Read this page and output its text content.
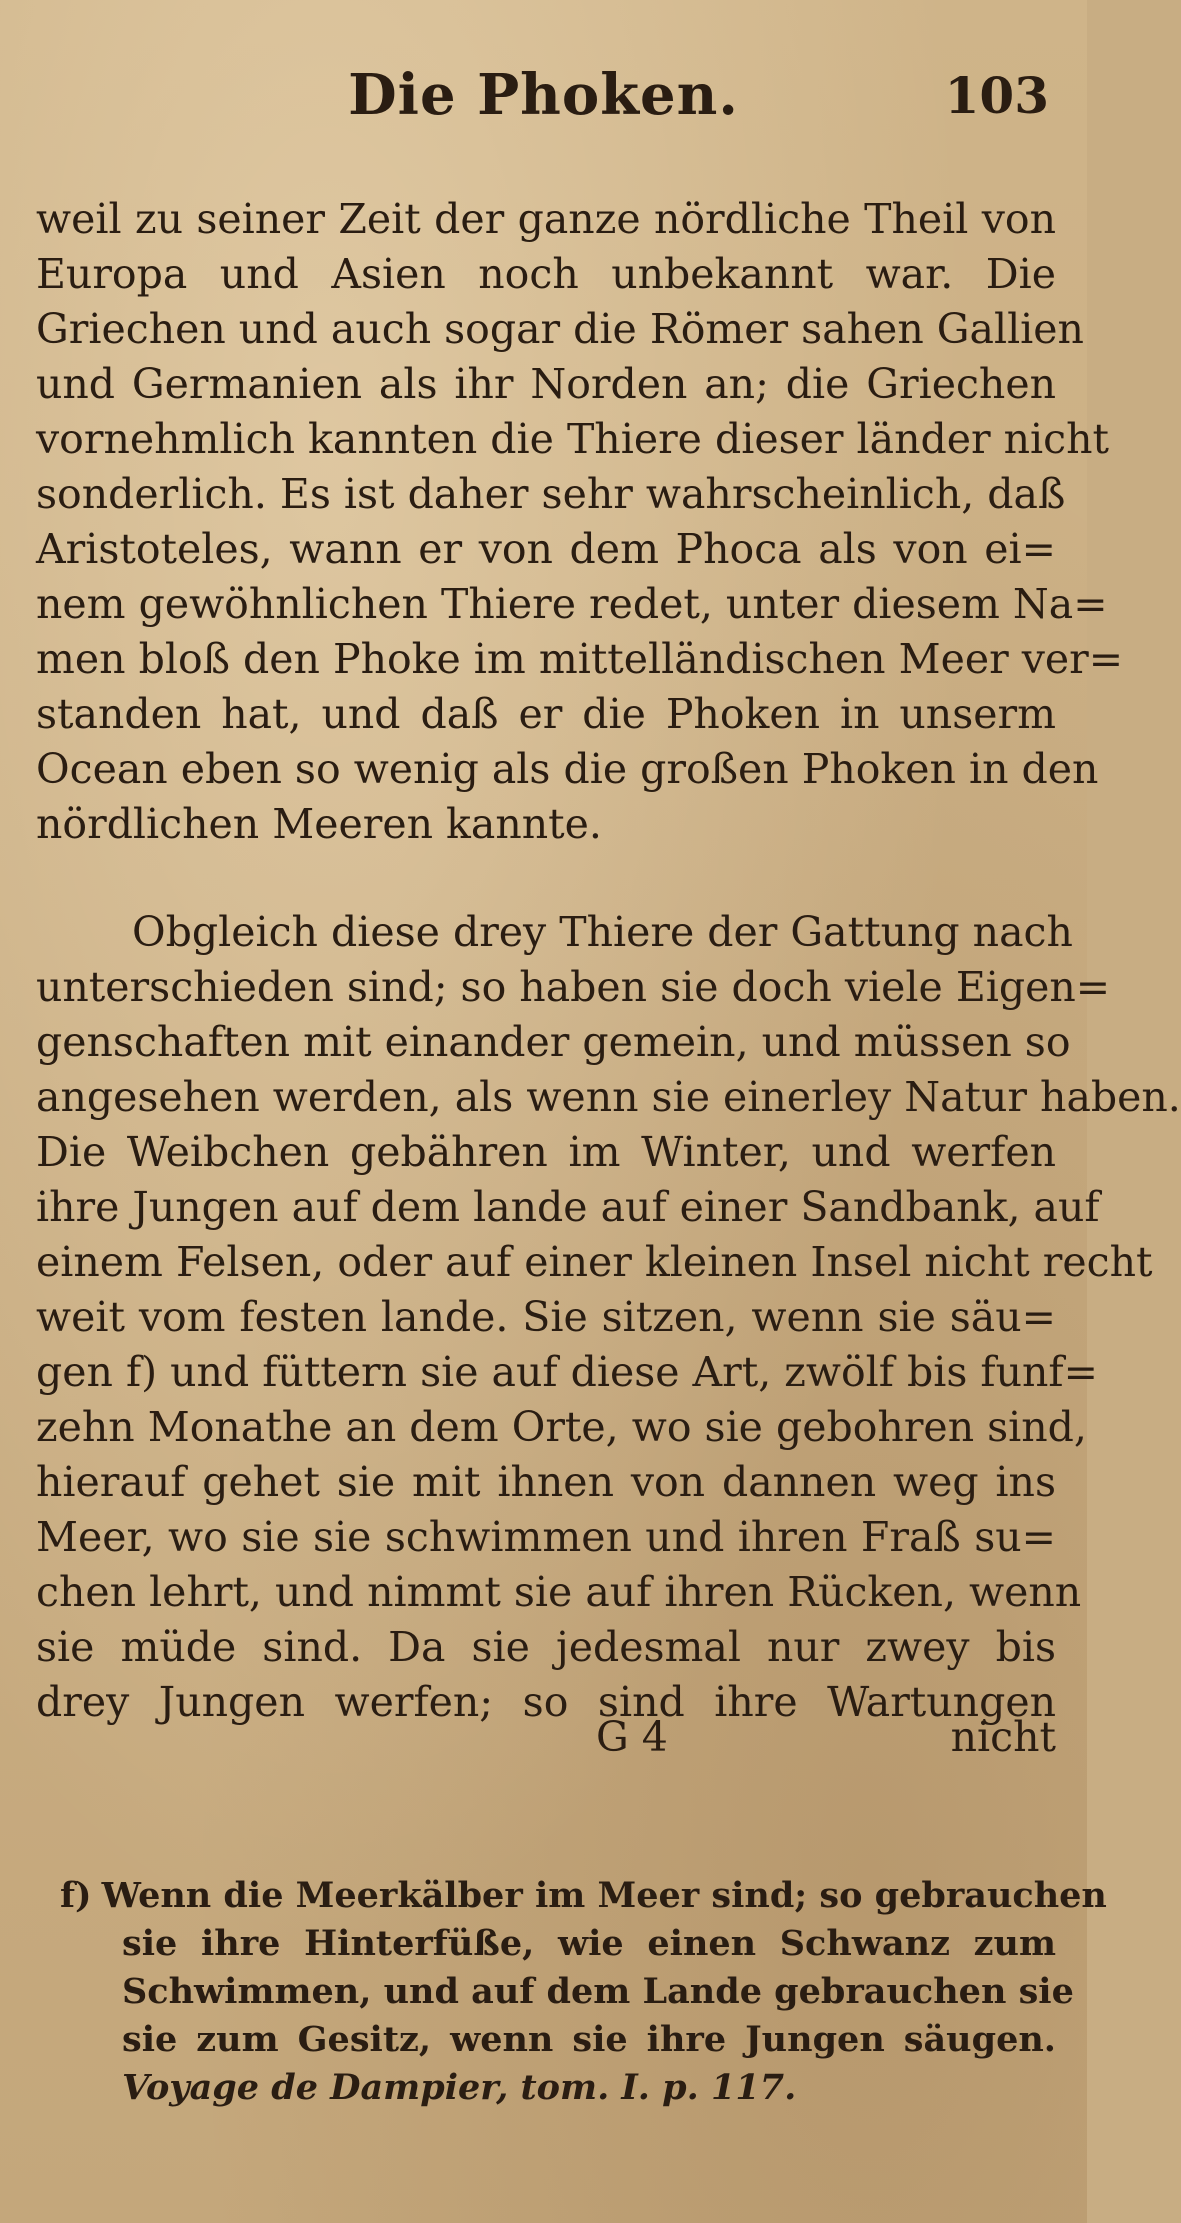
Die Phoken.	103
weil zu seiner Zeit der ganze nördliche Theil von
Europa und Asien noch unbekannt war. Die
Griechen und auch sogar die Römer sahen Gallien
und Germanien als ihr Norden an; die Griechen
vornehmlich kannten die Thiere dieser länder nicht
sonderlich. Es ist daher sehr wahrscheinlich, daß
Aristoteles, wann er von dem Phoca als von ei=
nem gewöhnlichen Thiere redet, unter diesem Na=
men bloß den Phoke im mittelländischen Meer ver=
standen hat, und daß er die Phoken in unserm
Ocean eben so wenig als die großen Phoken in den
nördlichen Meeren kannte.
Obgleich diese drey Thiere der Gattung nach
unterschieden sind; so haben sie doch viele Eigen=
genschaften mit einander gemein, und müssen so
angesehen werden, als wenn sie einerley Natur haben.
Die Weibchen gebähren im Winter, und werfen
ihre Jungen auf dem lande auf einer Sandbank, auf
einem Felsen, oder auf einer kleinen Insel nicht recht
weit vom festen lande. Sie sitzen, wenn sie säu=
gen f) und füttern sie auf diese Art, zwölf bis funf=
zehn Monathe an dem Orte, wo sie gebohren sind,
hierauf gehet sie mit ihnen von dannen weg ins
Meer, wo sie sie schwimmen und ihren Fraß su=
chen lehrt, und nimmt sie auf ihren Rücken, wenn
sie müde sind. Da sie jedesmal nur zwey bis
drey Jungen werfen; so sind ihre Wartungen
G 4	nicht
f) Wenn die Meerkälber im Meer sind; so gebrauchen
sie ihre Hinterfüße, wie einen Schwanz zum
Schwimmen, und auf dem Lande gebrauchen sie
sie zum Gesitz, wenn sie ihre Jungen säugen.
Voyage de Dampier, tom. I. p. 117.
